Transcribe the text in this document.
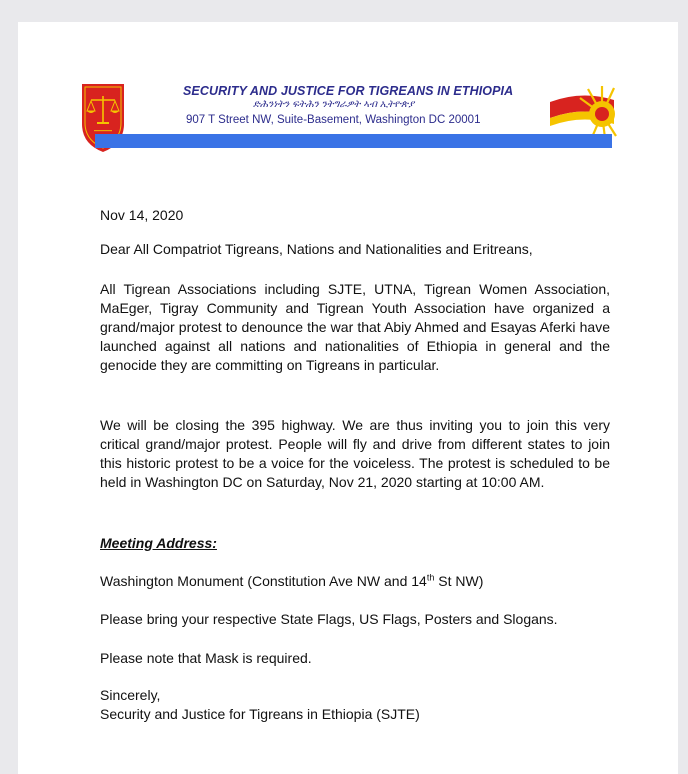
SECURITY AND JUSTICE FOR TIGREANS IN ETHIOPIA
ድሕንነትን ፍትሕን ንትግራዎት ኣብ ኢትዮጵያ
907 T Street NW, Suite-Basement, Washington DC 20001
Nov 14, 2020
Dear All Compatriot Tigreans, Nations and Nationalities and Eritreans,
All Tigrean Associations including SJTE, UTNA, Tigrean Women Association, MaEger, Tigray Community and Tigrean Youth Association have organized a grand/major protest to denounce the war that Abiy Ahmed and Esayas Aferki have launched against all nations and nationalities of Ethiopia in general and the genocide they are committing on Tigreans in particular.
We will be closing the 395 highway. We are thus inviting you to join this very critical grand/major protest. People will fly and drive from different states to join this historic protest to be a voice for the voiceless. The protest is scheduled to be held in Washington DC on Saturday, Nov 21, 2020 starting at 10:00 AM.
Meeting Address:
Washington Monument (Constitution Ave NW and 14th St NW)
Please bring your respective State Flags, US Flags, Posters and Slogans.
Please note that Mask is required.
Sincerely,
Security and Justice for Tigreans in Ethiopia (SJTE)
